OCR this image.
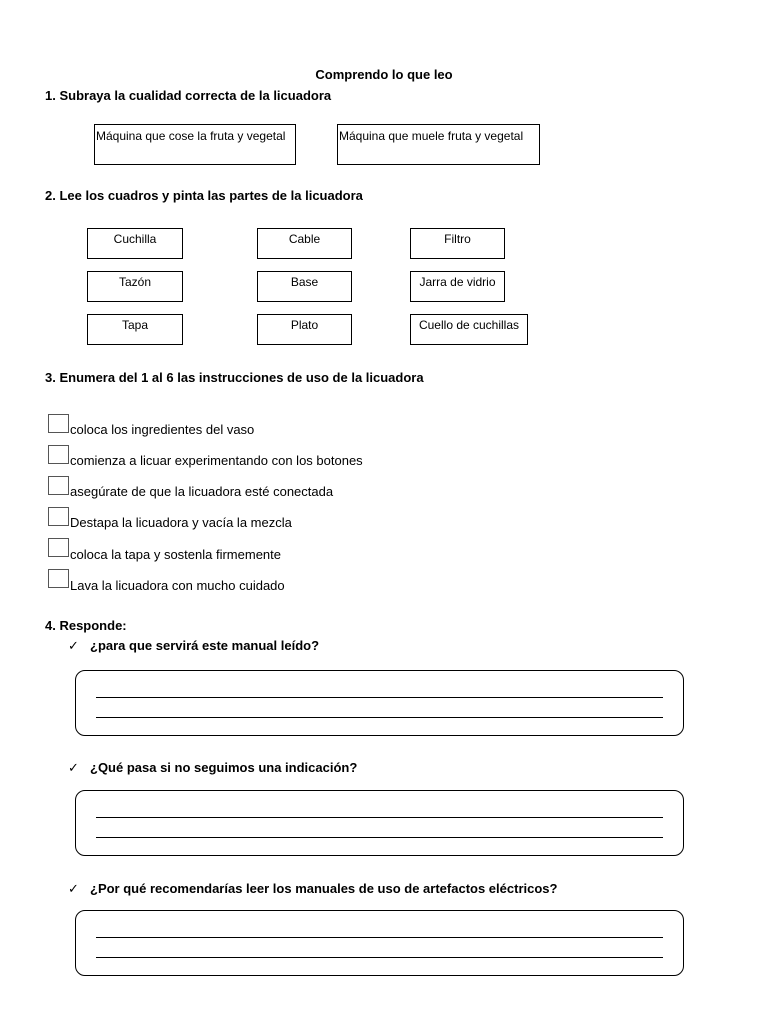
Comprendo lo que leo
1. Subraya la cualidad correcta de la licuadora
Máquina que cose la fruta y vegetal	Máquina que muele fruta y vegetal
2. Lee los cuadros y pinta las partes de la licuadora
Cuchilla	Cable	Filtro
Tazón	Base	Jarra de vidrio
Tapa	Plato	Cuello de cuchillas
3. Enumera del 1 al 6 las instrucciones de uso de la licuadora
coloca los ingredientes del vaso
comienza a licuar experimentando con los botones
asegúrate de que la licuadora esté conectada
Destapa la licuadora y vacía la mezcla
coloca la tapa y sostenla firmemente
Lava la licuadora con mucho cuidado
4. Responde:
✓ ¿para que servirá este manual leído?
✓ ¿Qué pasa si no seguimos una indicación?
✓ ¿Por qué recomendarías leer los manuales de uso de artefactos eléctricos?
